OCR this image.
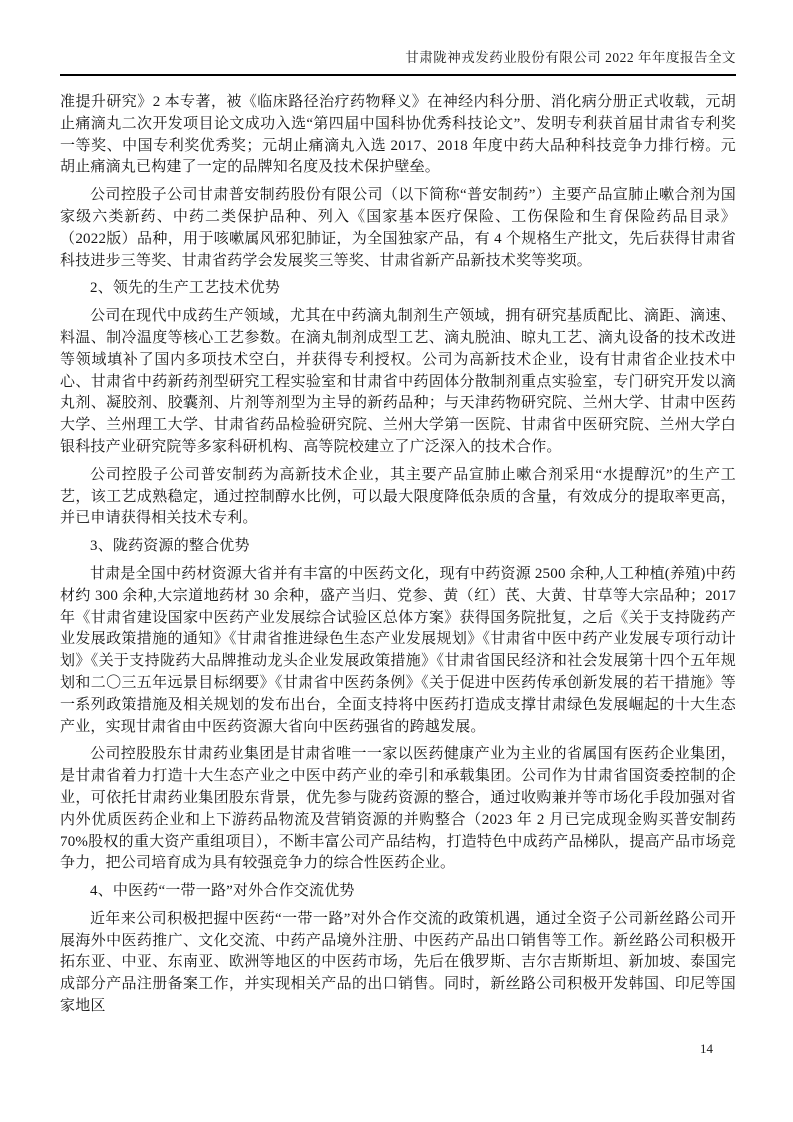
甘肃陇神戎发药业股份有限公司 2022 年年度报告全文

准提升研究》2 本专著，被《临床路径治疗药物释义》在神经内科分册、消化病分册正式收载，元胡止痛滴丸二次开发项目论文成功入选“第四届中国科协优秀科技论文”、发明专利获首届甘肃省专利奖一等奖、中国专利奖优秀奖；元胡止痛滴丸入选 2017、2018 年度中药大品种科技竞争力排行榜。元胡止痛滴丸已构建了一定的品牌知名度及技术保护壁垒。

公司控股子公司甘肃普安制药股份有限公司（以下简称“普安制药”）主要产品宣肺止嗽合剂为国家级六类新药、中药二类保护品种、列入《国家基本医疗保险、工伤保险和生育保险药品目录》（2022版）品种，用于咳嗽属风邪犯肺证，为全国独家产品，有 4 个规格生产批文，先后获得甘肃省科技进步三等奖、甘肃省药学会发展奖三等奖、甘肃省新产品新技术奖等奖项。

2、领先的生产工艺技术优势

公司在现代中成药生产领域，尤其在中药滴丸制剂生产领域，拥有研究基质配比、滴距、滴速、料温、制冷温度等核心工艺参数。在滴丸制剂成型工艺、滴丸脱油、晾丸工艺、滴丸设备的技术改进等领域填补了国内多项技术空白，并获得专利授权。公司为高新技术企业，设有甘肃省企业技术中心、甘肃省中药新药剂型研究工程实验室和甘肃省中药固体分散制剂重点实验室，专门研究开发以滴丸剂、凝胶剂、胶囊剂、片剂等剂型为主导的新药品种；与天津药物研究院、兰州大学、甘肃中医药大学、兰州理工大学、甘肃省药品检验研究院、兰州大学第一医院、甘肃省中医研究院、兰州大学白银科技产业研究院等多家科研机构、高等院校建立了广泛深入的技术合作。

公司控股子公司普安制药为高新技术企业，其主要产品宣肺止嗽合剂采用“水提醇沉”的生产工艺，该工艺成熟稳定，通过控制醇水比例，可以最大限度降低杂质的含量，有效成分的提取率更高，并已申请获得相关技术专利。

3、陇药资源的整合优势

甘肃是全国中药材资源大省并有丰富的中医药文化，现有中药资源 2500 余种,人工种植(养殖)中药材约 300 余种,大宗道地药材 30 余种，盛产当归、党参、黄（红）芪、大黄、甘草等大宗品种；2017 年《甘肃省建设国家中医药产业发展综合试验区总体方案》获得国务院批复，之后《关于支持陇药产业发展政策措施的通知》《甘肃省推进绿色生态产业发展规划》《甘肃省中医中药产业发展专项行动计划》《关于支持陇药大品牌推动龙头企业发展政策措施》《甘肃省国民经济和社会发展第十四个五年规划和二〇三五年远景目标纲要》《甘肃省中医药条例》《关于促进中医药传承创新发展的若干措施》等一系列政策措施及相关规划的发布出台，全面支持将中医药打造成支撑甘肃绿色发展崛起的十大生态产业，实现甘肃省由中医药资源大省向中医药强省的跨越发展。

公司控股股东甘肃药业集团是甘肃省唯一一家以医药健康产业为主业的省属国有医药企业集团，是甘肃省着力打造十大生态产业之中医中药产业的牵引和承载集团。公司作为甘肃省国资委控制的企业，可依托甘肃药业集团股东背景，优先参与陇药资源的整合，通过收购兼并等市场化手段加强对省内外优质医药企业和上下游药品物流及营销资源的并购整合（2023 年 2 月已完成现金购买普安制药 70%股权的重大资产重组项目），不断丰富公司产品结构，打造特色中成药产品梯队，提高产品市场竞争力，把公司培育成为具有较强竞争力的综合性医药企业。

4、中医药“一带一路”对外合作交流优势

近年来公司积极把握中医药“一带一路”对外合作交流的政策机遇，通过全资子公司新丝路公司开展海外中医药推广、文化交流、中药产品境外注册、中医药产品出口销售等工作。新丝路公司积极开拓东亚、中亚、东南亚、欧洲等地区的中医药市场，先后在俄罗斯、吉尔吉斯斯坦、新加坡、泰国完成部分产品注册备案工作，并实现相关产品的出口销售。同时，新丝路公司积极开发韩国、印尼等国家地区

14
